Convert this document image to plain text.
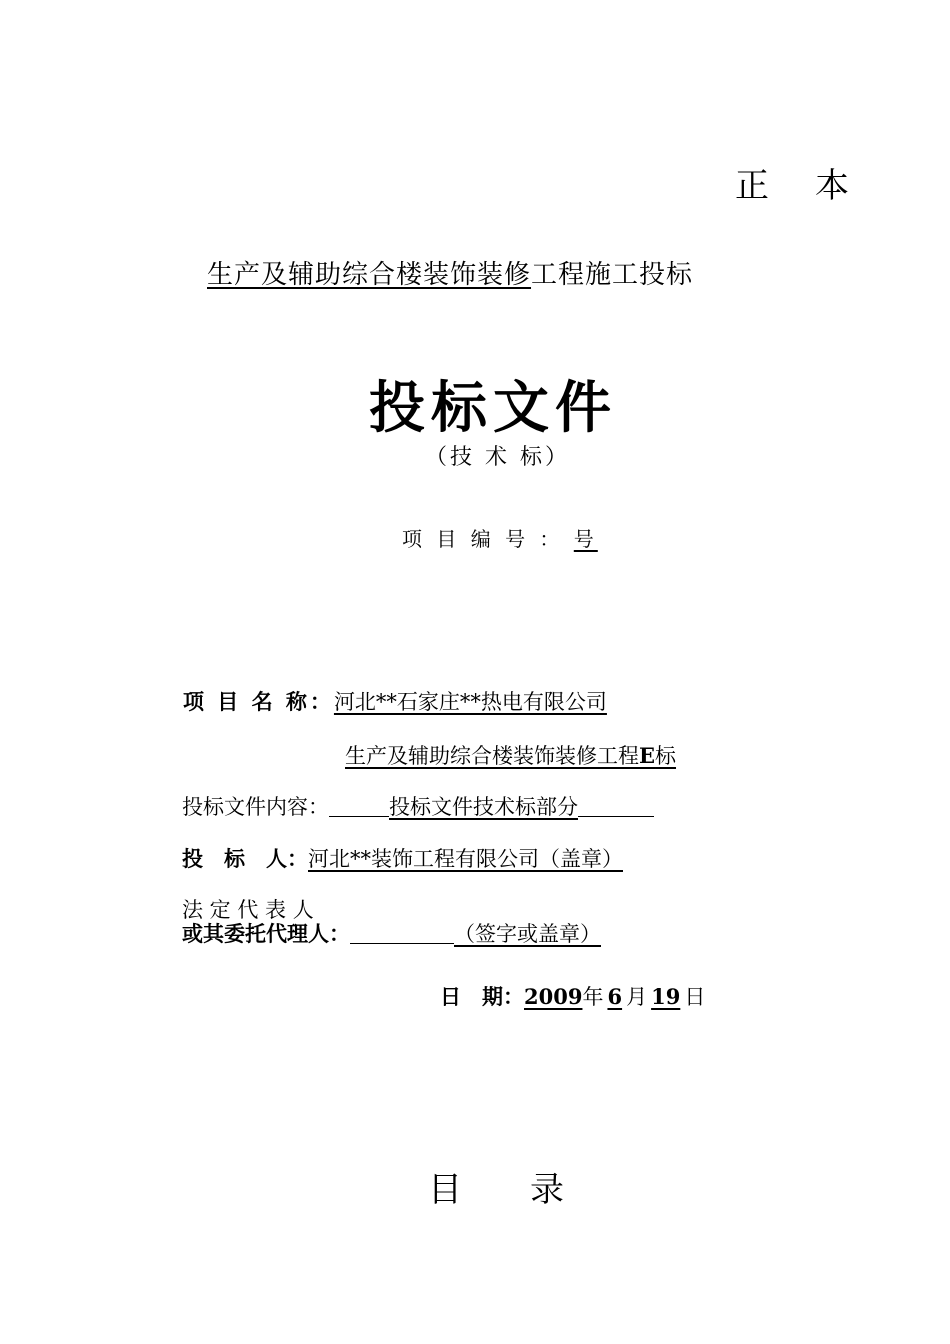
正　本
生产及辅助综合楼装饰装修工程施工投标
投标文件
（技 术 标）
项 目 编 号 ： 号
项 目 名 称：河北**石家庄**热电有限公司
生产及辅助综合楼装饰装修工程E标
投标文件内容：	投标文件技术标部分
投　标　人：河北**装饰工程有限公司（盖章）
法 定 代 表 人
或其委托代理人：	（签字或盖章）
日　期：2009年 6 月 19 日
目　　录
